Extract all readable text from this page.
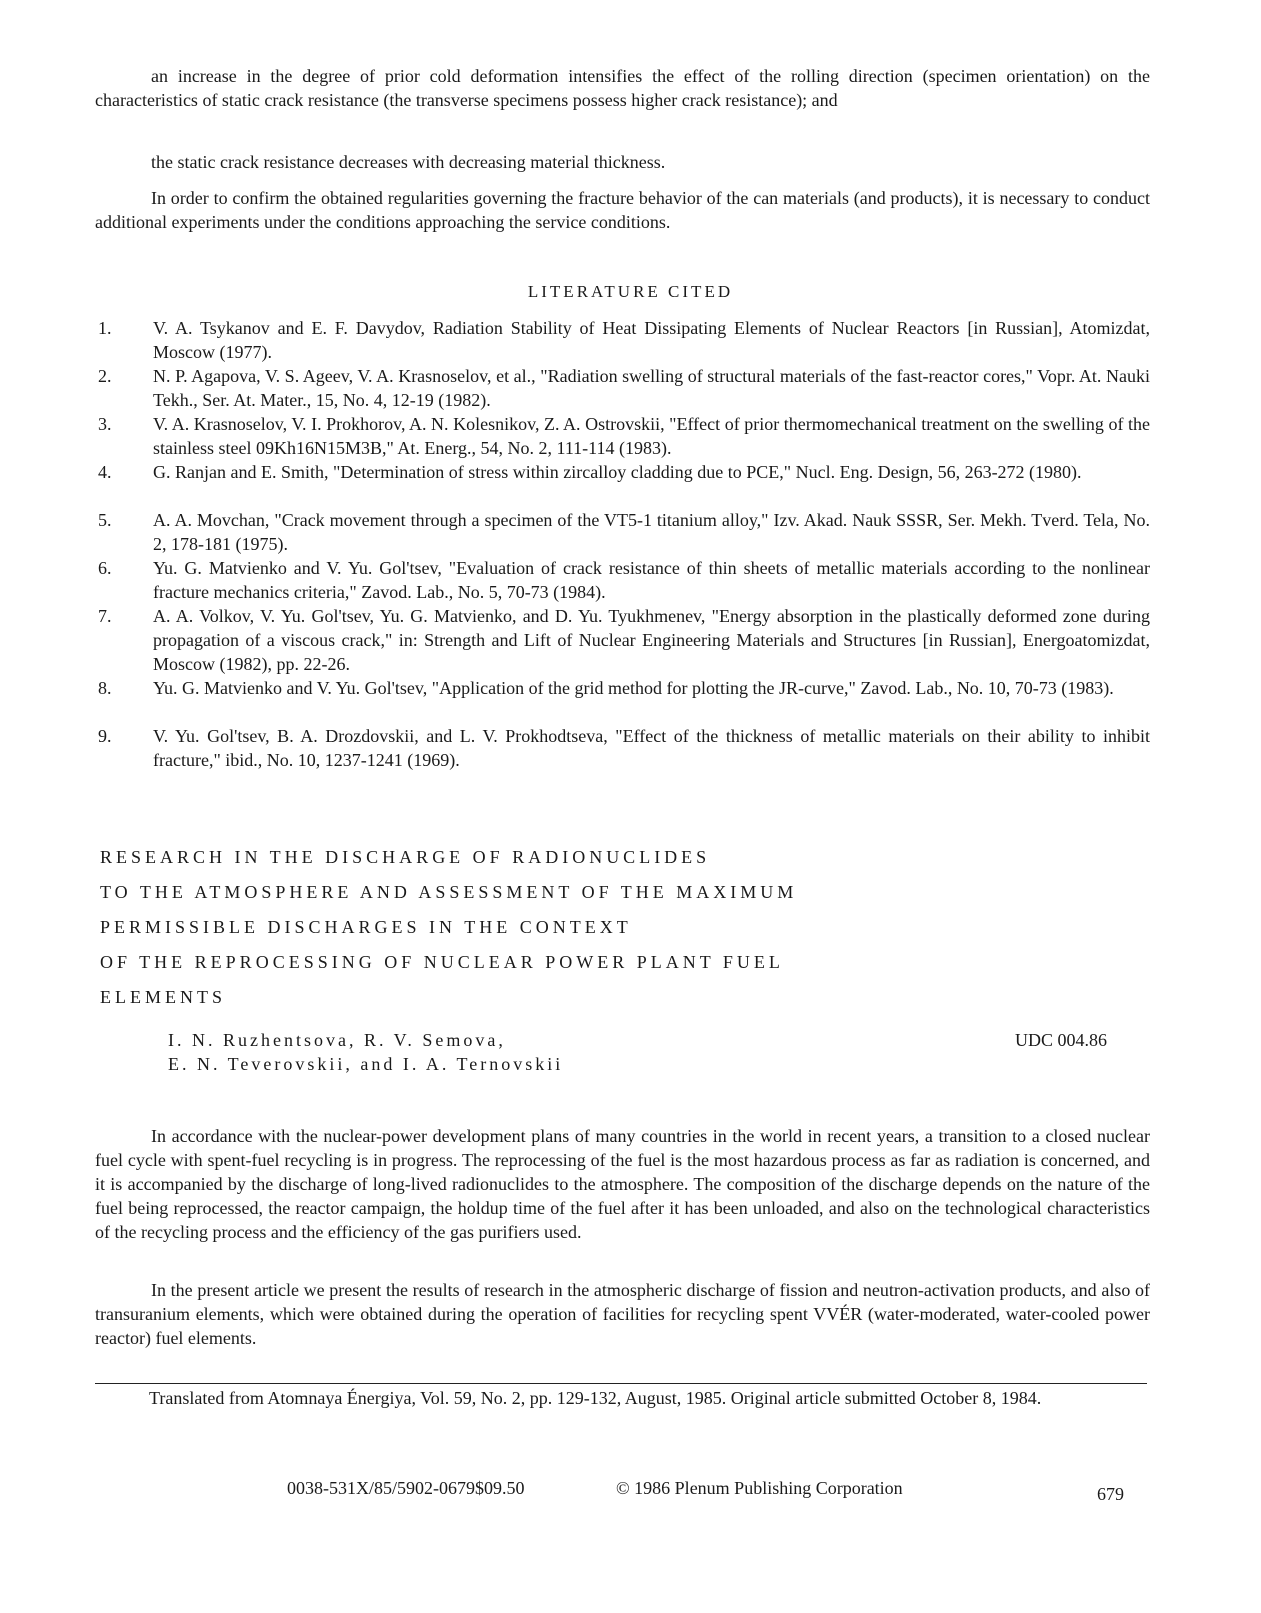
an increase in the degree of prior cold deformation intensifies the effect of the rolling direction (specimen orientation) on the characteristics of static crack resistance (the transverse specimens possess higher crack resistance); and

the static crack resistance decreases with decreasing material thickness.

In order to confirm the obtained regularities governing the fracture behavior of the can materials (and products), it is necessary to conduct additional experiments under the conditions approaching the service conditions.

LITERATURE CITED

1. V. A. Tsykanov and E. F. Davydov, Radiation Stability of Heat Dissipating Elements of Nuclear Reactors [in Russian], Atomizdat, Moscow (1977).
2. N. P. Agapova, V. S. Ageev, V. A. Krasnoselov, et al., "Radiation swelling of structural materials of the fast-reactor cores," Vopr. At. Nauki Tekh., Ser. At. Mater., 15, No. 4, 12-19 (1982).
3. V. A. Krasnoselov, V. I. Prokhorov, A. N. Kolesnikov, Z. A. Ostrovskii, "Effect of prior thermomechanical treatment on the swelling of the stainless steel 09Kh16N15M3B," At. Energ., 54, No. 2, 111-114 (1983).
4. G. Ranjan and E. Smith, "Determination of stress within zircalloy cladding due to PCE," Nucl. Eng. Design, 56, 263-272 (1980).
5. A. A. Movchan, "Crack movement through a specimen of the VT5-1 titanium alloy," Izv. Akad. Nauk SSSR, Ser. Mekh. Tverd. Tela, No. 2, 178-181 (1975).
6. Yu. G. Matvienko and V. Yu. Gol'tsev, "Evaluation of crack resistance of thin sheets of metallic materials according to the nonlinear fracture mechanics criteria," Zavod. Lab., No. 5, 70-73 (1984).
7. A. A. Volkov, V. Yu. Gol'tsev, Yu. G. Matvienko, and D. Yu. Tyukhmenev, "Energy absorption in the plastically deformed zone during propagation of a viscous crack," in: Strength and Lift of Nuclear Engineering Materials and Structures [in Russian], Energoatomizdat, Moscow (1982), pp. 22-26.
8. Yu. G. Matvienko and V. Yu. Gol'tsev, "Application of the grid method for plotting the JR-curve," Zavod. Lab., No. 10, 70-73 (1983).
9. V. Yu. Gol'tsev, B. A. Drozdovskii, and L. V. Prokhodtseva, "Effect of the thickness of metallic materials on their ability to inhibit fracture," ibid., No. 10, 1237-1241 (1969).
RESEARCH IN THE DISCHARGE OF RADIONUCLIDES
TO THE ATMOSPHERE AND ASSESSMENT OF THE MAXIMUM
PERMISSIBLE DISCHARGES IN THE CONTEXT
OF THE REPROCESSING OF NUCLEAR POWER PLANT FUEL
ELEMENTS
I. N. Ruzhentsova, R. V. Semova,
E. N. Teverovskii, and I. A. Ternovskii
UDC 004.86

In accordance with the nuclear-power development plans of many countries in the world in recent years, a transition to a closed nuclear fuel cycle with spent-fuel recycling is in progress. The reprocessing of the fuel is the most hazardous process as far as radiation is concerned, and it is accompanied by the discharge of long-lived radionuclides to the atmosphere. The composition of the discharge depends on the nature of the fuel being reprocessed, the reactor campaign, the holdup time of the fuel after it has been unloaded, and also on the technological characteristics of the recycling process and the efficiency of the gas purifiers used.

In the present article we present the results of research in the atmospheric discharge of fission and neutron-activation products, and also of transuranium elements, which were obtained during the operation of facilities for recycling spent VVÉR (water-moderated, water-cooled power reactor) fuel elements.

Translated from Atomnaya Énergiya, Vol. 59, No. 2, pp. 129-132, August, 1985. Original article submitted October 8, 1984.

0038-531X/85/5902-0679$09.50	© 1986 Plenum Publishing Corporation	679
